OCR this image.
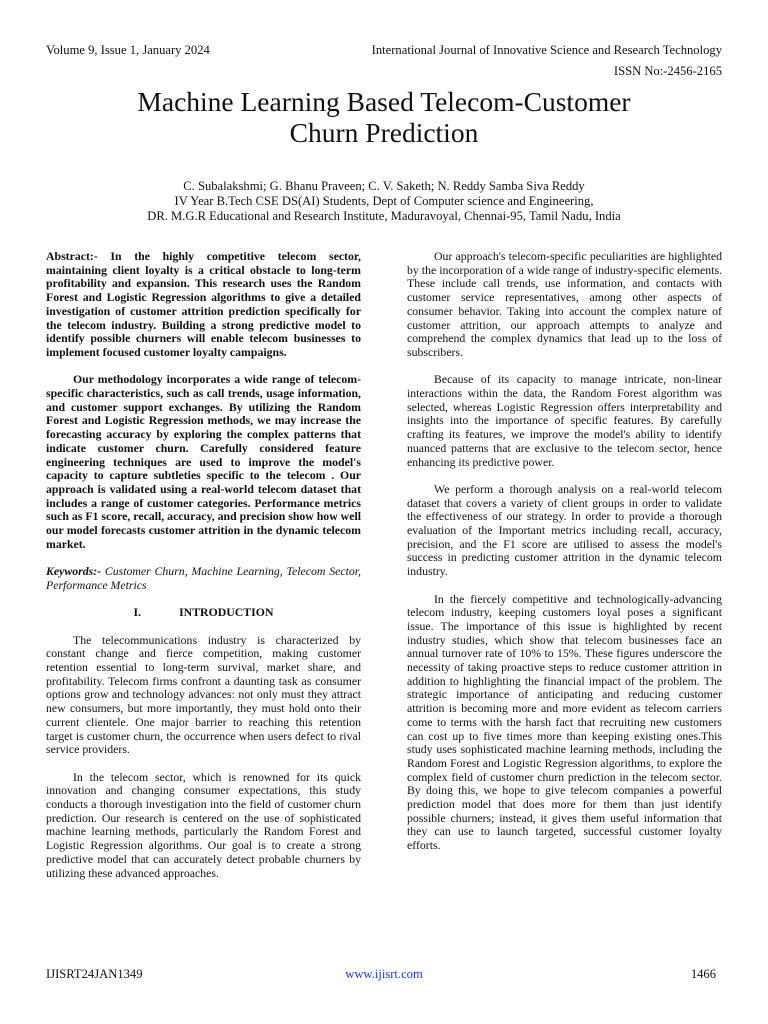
Volume 9, Issue 1, January 2024	International Journal of Innovative Science and Research Technology
ISSN No:-2456-2165
Machine Learning Based Telecom-Customer
Churn Prediction
C. Subalakshmi; G. Bhanu Praveen; C. V. Saketh; N. Reddy Samba Siva Reddy
IV Year B.Tech CSE DS(AI) Students, Dept of Computer science and Engineering,
DR. M.G.R Educational and Research Institute, Maduravoyal, Chennai-95, Tamil Nadu, India

Abstract:- In the highly competitive telecom sector, maintaining client loyalty is a critical obstacle to long-term profitability and expansion. This research uses the Random Forest and Logistic Regression algorithms to give a detailed investigation of customer attrition prediction specifically for the telecom industry. Building a strong predictive model to identify possible churners will enable telecom businesses to implement focused customer loyalty campaigns.

Our methodology incorporates a wide range of telecom-specific characteristics, such as call trends, usage information, and customer support exchanges. By utilizing the Random Forest and Logistic Regression methods, we may increase the forecasting accuracy by exploring the complex patterns that indicate customer churn. Carefully considered feature engineering techniques are used to improve the model's capacity to capture subtleties specific to the telecom . Our approach is validated using a real-world telecom dataset that includes a range of customer categories. Performance metrics such as F1 score, recall, accuracy, and precision show how well our model forecasts customer attrition in the dynamic telecom market.

Keywords:- Customer Churn, Machine Learning, Telecom Sector, Performance Metrics

I.	INTRODUCTION

The telecommunications industry is characterized by constant change and fierce competition, making customer retention essential to long-term survival, market share, and profitability. Telecom firms confront a daunting task as consumer options grow and technology advances: not only must they attract new consumers, but more importantly, they must hold onto their current clientele. One major barrier to reaching this retention target is customer churn, the occurrence when users defect to rival service providers.

In the telecom sector, which is renowned for its quick innovation and changing consumer expectations, this study conducts a thorough investigation into the field of customer churn prediction. Our research is centered on the use of sophisticated machine learning methods, particularly the Random Forest and Logistic Regression algorithms. Our goal is to create a strong predictive model that can accurately detect probable churners by utilizing these advanced approaches.

Our approach's telecom-specific peculiarities are highlighted by the incorporation of a wide range of industry-specific elements. These include call trends, use information, and contacts with customer service representatives, among other aspects of consumer behavior. Taking into account the complex nature of customer attrition, our approach attempts to analyze and comprehend the complex dynamics that lead up to the loss of subscribers.

Because of its capacity to manage intricate, non-linear interactions within the data, the Random Forest algorithm was selected, whereas Logistic Regression offers interpretability and insights into the importance of specific features. By carefully crafting its features, we improve the model's ability to identify nuanced patterns that are exclusive to the telecom sector, hence enhancing its predictive power.

We perform a thorough analysis on a real-world telecom dataset that covers a variety of client groups in order to validate the effectiveness of our strategy. In order to provide a thorough evaluation of the Important metrics including recall, accuracy, precision, and the F1 score are utilised to assess the model's success in predicting customer attrition in the dynamic telecom industry.

In the fiercely competitive and technologically-advancing telecom industry, keeping customers loyal poses a significant issue. The importance of this issue is highlighted by recent industry studies, which show that telecom businesses face an annual turnover rate of 10% to 15%. These figures underscore the necessity of taking proactive steps to reduce customer attrition in addition to highlighting the financial impact of the problem. The strategic importance of anticipating and reducing customer attrition is becoming more and more evident as telecom carriers come to terms with the harsh fact that recruiting new customers can cost up to five times more than keeping existing ones.This study uses sophisticated machine learning methods, including the Random Forest and Logistic Regression algorithms, to explore the complex field of customer churn prediction in the telecom sector. By doing this, we hope to give telecom companies a powerful prediction model that does more for them than just identify possible churners; instead, it gives them useful information that they can use to launch targeted, successful customer loyalty efforts.

IJISRT24JAN1349	www.ijisrt.com	1466
